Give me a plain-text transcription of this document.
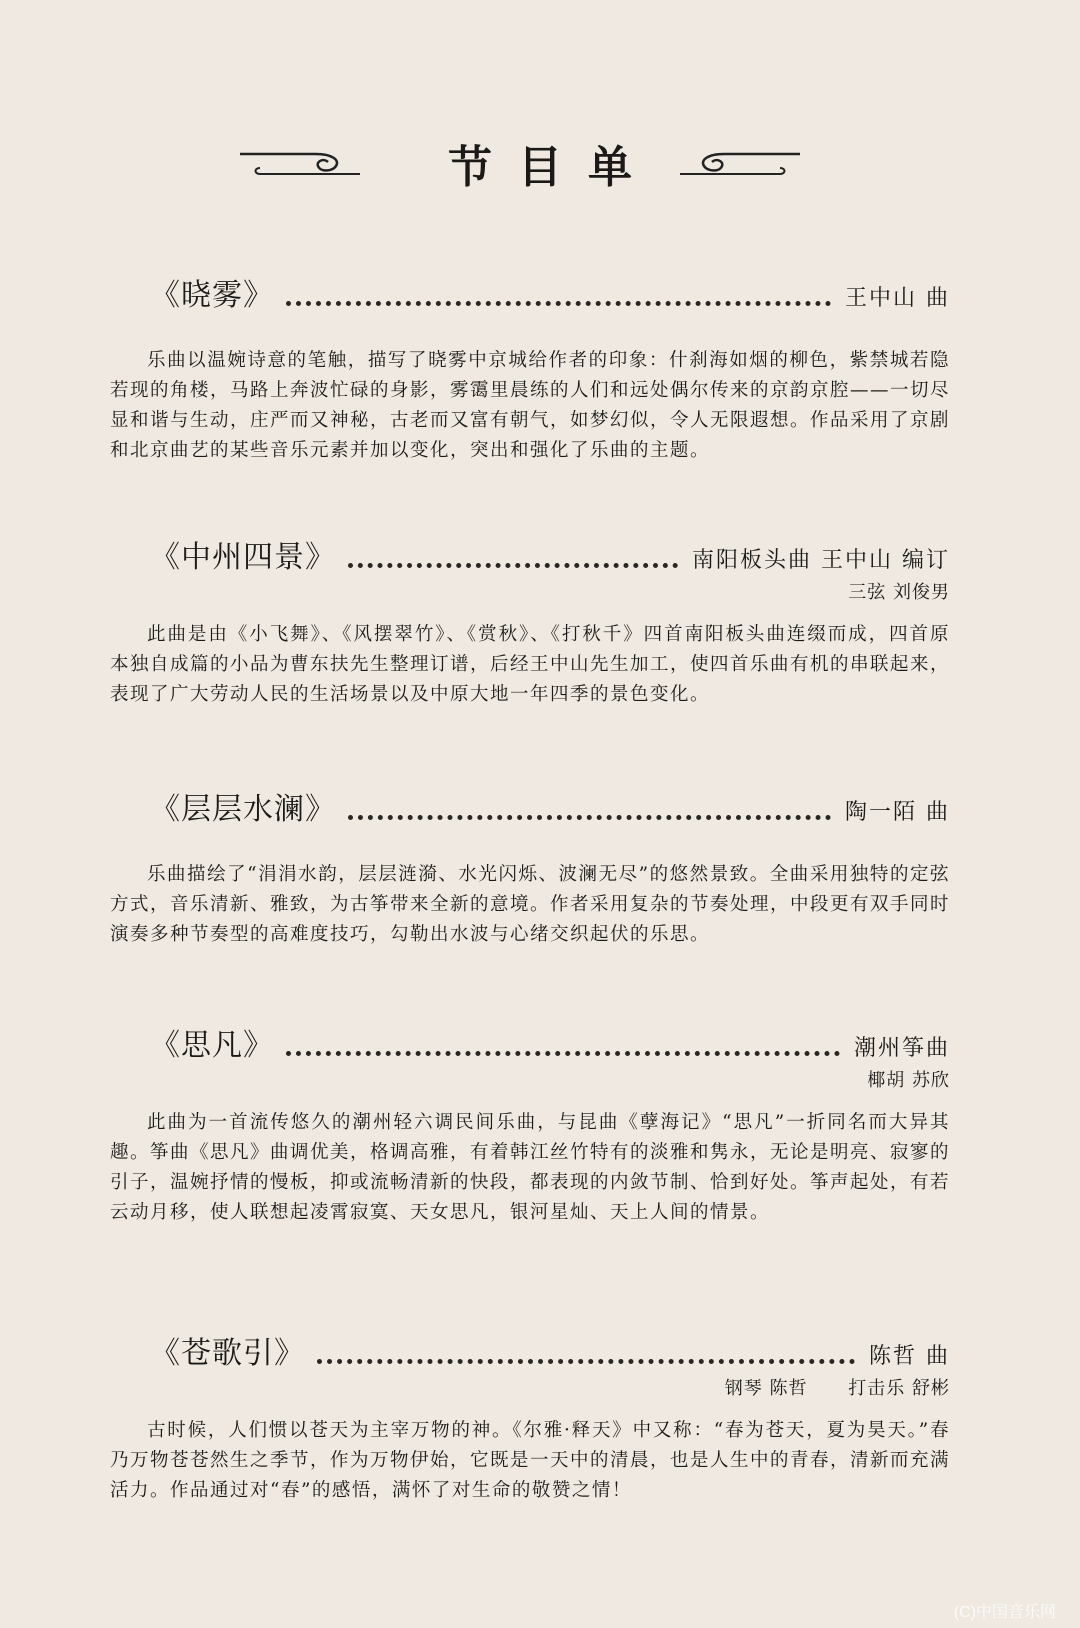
节目单
《晓雾》	王中山 曲

乐曲以温婉诗意的笔触，描写了晓雾中京城给作者的印象：什刹海如烟的柳色，紫禁城若隐若现的角楼，马路上奔波忙碌的身影，雾霭里晨练的人们和远处偶尔传来的京韵京腔——一切尽显和谐与生动，庄严而又神秘，古老而又富有朝气，如梦幻似，令人无限遐想。作品采用了京剧和北京曲艺的某些音乐元素并加以变化，突出和强化了乐曲的主题。

《中州四景》	南阳板头曲 王中山 编订
三弦 刘俊男

此曲是由《小飞舞》、《风摆翠竹》、《赏秋》、《打秋千》四首南阳板头曲连缀而成，四首原本独自成篇的小品为曹东扶先生整理订谱，后经王中山先生加工，使四首乐曲有机的串联起来，表现了广大劳动人民的生活场景以及中原大地一年四季的景色变化。

《层层水澜》	陶一陌 曲

乐曲描绘了“涓涓水韵，层层涟漪、水光闪烁、波澜无尽”的悠然景致。全曲采用独特的定弦方式，音乐清新、雅致，为古筝带来全新的意境。作者采用复杂的节奏处理，中段更有双手同时演奏多种节奏型的高难度技巧，勾勒出水波与心绪交织起伏的乐思。

《思凡》	潮州筝曲
椰胡 苏欣

此曲为一首流传悠久的潮州轻六调民间乐曲，与昆曲《孽海记》“思凡”一折同名而大异其趣。筝曲《思凡》曲调优美，格调高雅，有着韩江丝竹特有的淡雅和隽永，无论是明亮、寂寥的引子，温婉抒情的慢板，抑或流畅清新的快段，都表现的内敛节制、恰到好处。筝声起处，有若云动月移，使人联想起凌霄寂寞、天女思凡，银河星灿、天上人间的情景。

《苍歌引》	陈哲 曲
钢琴 陈哲 打击乐 舒彬

古时候，人们惯以苍天为主宰万物的神。《尔雅·释天》中又称：“春为苍天，夏为昊天。”春乃万物苍苍然生之季节，作为万物伊始，它既是一天中的清晨，也是人生中的青春，清新而充满活力。作品通过对“春”的感悟，满怀了对生命的敬赞之情！

(C)中国音乐网
